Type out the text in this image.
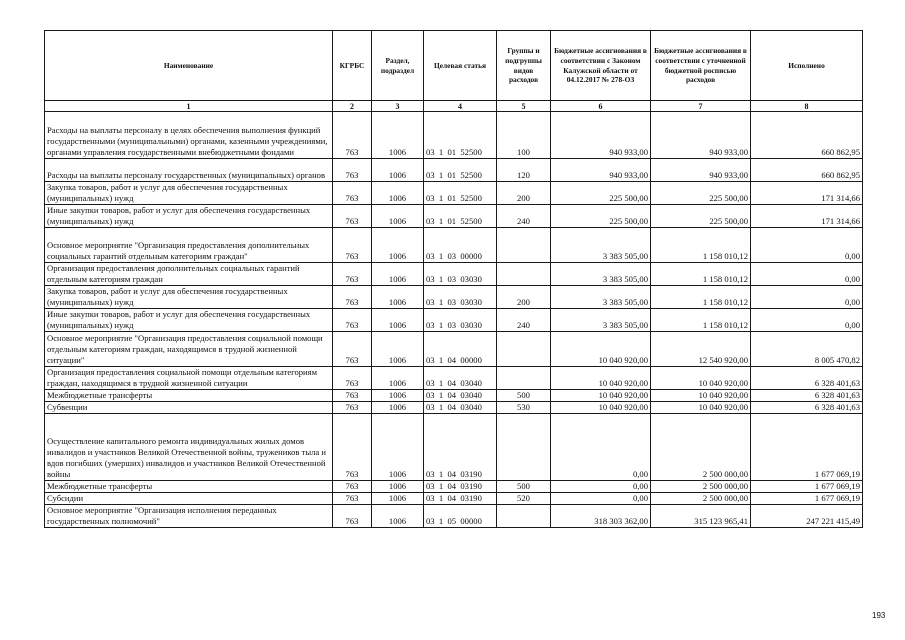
Наименование	КГРБС	Раздел, подраздел	Целевая статья	Группы и подгруппы видов расходов	Бюджетные ассигнования в соответствии с Законом Калужской области от 04.12.2017 № 278-ОЗ	Бюджетные ассигнования в соответствии с уточненной бюджетной росписью расходов	Исполнено
1	2	3	4	5	6	7	8
Расходы на выплаты персоналу в целях обеспечения выполнения функций государственными (муниципальными) органами, казенными учреждениями, органами управления государственными внебюджетными фондами	763	1006	03  1  01  52500	100	940 933,00	940 933,00	660 862,95
Расходы на выплаты персоналу государственных (муниципальных) органов	763	1006	03  1  01  52500	120	940 933,00	940 933,00	660 862,95
Закупка товаров, работ и услуг для обеспечения государственных (муниципальных) нужд	763	1006	03  1  01  52500	200	225 500,00	225 500,00	171 314,66
Иные закупки товаров, работ и услуг для обеспечения государственных (муниципальных) нужд	763	1006	03  1  01  52500	240	225 500,00	225 500,00	171 314,66
Основное мероприятие "Организация предоставления дополнительных социальных гарантий отдельным категориям граждан"	763	1006	03  1  03  00000		3 383 505,00	1 158 010,12	0,00
Организация предоставления дополнительных социальных гарантий отдельным категориям граждан	763	1006	03  1  03  03030		3 383 505,00	1 158 010,12	0,00
Закупка товаров, работ и услуг для обеспечения государственных (муниципальных) нужд	763	1006	03  1  03  03030	200	3 383 505,00	1 158 010,12	0,00
Иные закупки товаров, работ и услуг для обеспечения государственных (муниципальных) нужд	763	1006	03  1  03  03030	240	3 383 505,00	1 158 010,12	0,00
Основное мероприятие "Организация предоставления социальной помощи отдельным категориям граждан, находящимся в трудной жизненной ситуации"	763	1006	03  1  04  00000		10 040 920,00	12 540 920,00	8 005 470,82
Организация предоставления социальной помощи отдельным категориям граждан, находящимся в трудной жизненной ситуации	763	1006	03  1  04  03040		10 040 920,00	10 040 920,00	6 328 401,63
Межбюджетные трансферты	763	1006	03  1  04  03040	500	10 040 920,00	10 040 920,00	6 328 401,63
Субвенции	763	1006	03  1  04  03040	530	10 040 920,00	10 040 920,00	6 328 401,63
Осуществление капитального ремонта индивидуальных жилых домов инвалидов и участников Великой Отечественной войны, тружеников тыла и вдов погибших (умерших) инвалидов и участников Великой Отечественной войны	763	1006	03  1  04  03190		0,00	2 500 000,00	1 677 069,19
Межбюджетные трансферты	763	1006	03  1  04  03190	500	0,00	2 500 000,00	1 677 069,19
Субсидии	763	1006	03  1  04  03190	520	0,00	2 500 000,00	1 677 069,19
Основное мероприятие "Организация исполнения переданных государственных полномочий"	763	1006	03  1  05  00000		318 303 362,00	315 123 965,41	247 221 415,49
193
